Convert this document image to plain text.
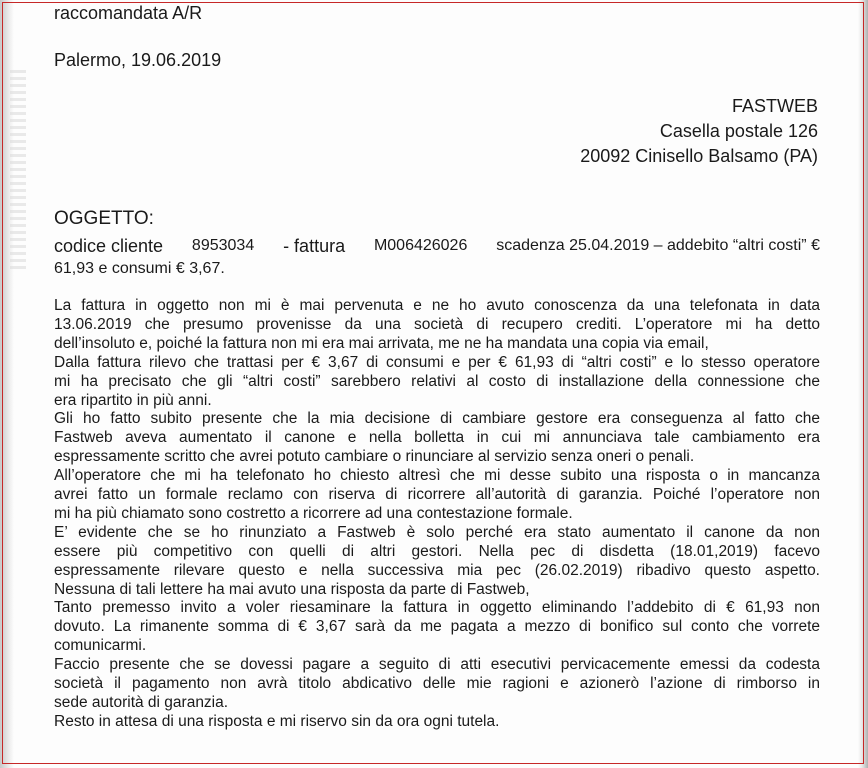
raccomandata A/R
Palermo, 19.06.2019
FASTWEB
Casella postale 126
20092 Cinisello Balsamo (PA)
OGGETTO:
codice cliente 8953034 - fattura M006426026 scadenza 25.04.2019 – addebito “altri costi” €
61,93 e consumi € 3,67.
La fattura in oggetto non mi è mai pervenuta e ne ho avuto conoscenza da una telefonata in data
13.06.2019 che presumo provenisse da una società di recupero crediti. L’operatore mi ha detto
dell’insoluto e, poiché la fattura non mi era mai arrivata, me ne ha mandata una copia via email,
Dalla fattura rilevo che trattasi per € 3,67 di consumi e per € 61,93 di “altri costi” e lo stesso operatore
mi ha precisato che gli “altri costi” sarebbero relativi al costo di installazione della connessione che
era ripartito in più anni.
Gli ho fatto subito presente che la mia decisione di cambiare gestore era conseguenza al fatto che
Fastweb aveva aumentato il canone e nella bolletta in cui mi annunciava tale cambiamento era
espressamente scritto che avrei potuto cambiare o rinunciare al servizio senza oneri o penali.
All’operatore che mi ha telefonato ho chiesto altresì che mi desse subito una risposta o in mancanza
avrei fatto un formale reclamo con riserva di ricorrere all’autorità di garanzia. Poiché l’operatore non
mi ha più chiamato sono costretto a ricorrere ad una contestazione formale.
E’ evidente che se ho rinunziato a Fastweb è solo perché era stato aumentato il canone da non
essere più competitivo con quelli di altri gestori. Nella pec di disdetta (18.01,2019) facevo
espressamente rilevare questo e nella successiva mia pec (26.02.2019) ribadivo questo aspetto.
Nessuna di tali lettere ha mai avuto una risposta da parte di Fastweb,
Tanto premesso invito a voler riesaminare la fattura in oggetto eliminando l’addebito di € 61,93 non
dovuto. La rimanente somma di € 3,67 sarà da me pagata a mezzo di bonifico sul conto che vorrete
comunicarmi.
Faccio presente che se dovessi pagare a seguito di atti esecutivi pervicacemente emessi da codesta
società il pagamento non avrà titolo abdicativo delle mie ragioni e azionerò l’azione di rimborso in
sede autorità di garanzia.
Resto in attesa di una risposta e mi riservo sin da ora ogni tutela.
